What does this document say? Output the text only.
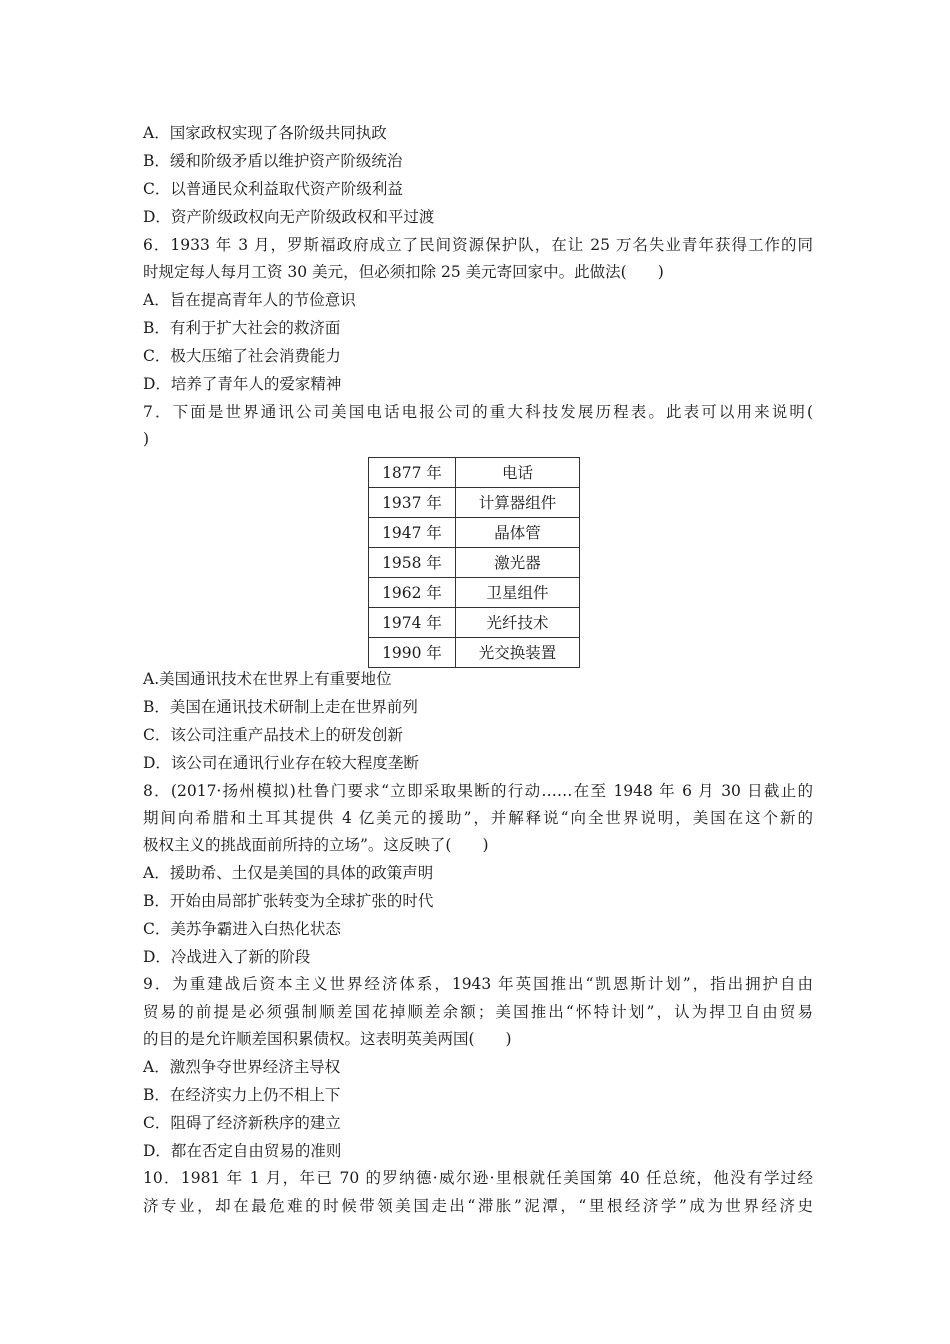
A．国家政权实现了各阶级共同执政
B．缓和阶级矛盾以维护资产阶级统治
C．以普通民众利益取代资产阶级利益
D．资产阶级政权向无产阶级政权和平过渡
6．1933 年 3 月，罗斯福政府成立了民间资源保护队，在让 25 万名失业青年获得工作的同
时规定每人每月工资 30 美元，但必须扣除 25 美元寄回家中。此做法(　　)
A．旨在提高青年人的节俭意识
B．有利于扩大社会的救济面
C．极大压缩了社会消费能力
D．培养了青年人的爱家精神
7．下面是世界通讯公司美国电话电报公司的重大科技发展历程表。此表可以用来说明(
)
1877 年	电话
1937 年	计算器组件
1947 年	晶体管
1958 年	激光器
1962 年	卫星组件
1974 年	光纤技术
1990 年	光交换装置
A.美国通讯技术在世界上有重要地位
B．美国在通讯技术研制上走在世界前列
C．该公司注重产品技术上的研发创新
D．该公司在通讯行业存在较大程度垄断
8．(2017·扬州模拟)杜鲁门要求“立即采取果断的行动……在至 1948 年 6 月 30 日截止的
期间向希腊和土耳其提供 4 亿美元的援助”，并解释说“向全世界说明，美国在这个新的
极权主义的挑战面前所持的立场”。这反映了(　　)
A．援助希、土仅是美国的具体的政策声明
B．开始由局部扩张转变为全球扩张的时代
C．美苏争霸进入白热化状态
D．冷战进入了新的阶段
9．为重建战后资本主义世界经济体系，1943 年英国推出“凯恩斯计划”，指出拥护自由
贸易的前提是必须强制顺差国花掉顺差余额；美国推出“怀特计划”，认为捍卫自由贸易
的目的是允许顺差国积累债权。这表明英美两国(　　)
A．激烈争夺世界经济主导权
B．在经济实力上仍不相上下
C．阻碍了经济新秩序的建立
D．都在否定自由贸易的准则
10．1981 年 1 月，年已 70 的罗纳德·威尔逊·里根就任美国第 40 任总统，他没有学过经
济专业，却在最危难的时候带领美国走出“滞胀”泥潭，“里根经济学”成为世界经济史
